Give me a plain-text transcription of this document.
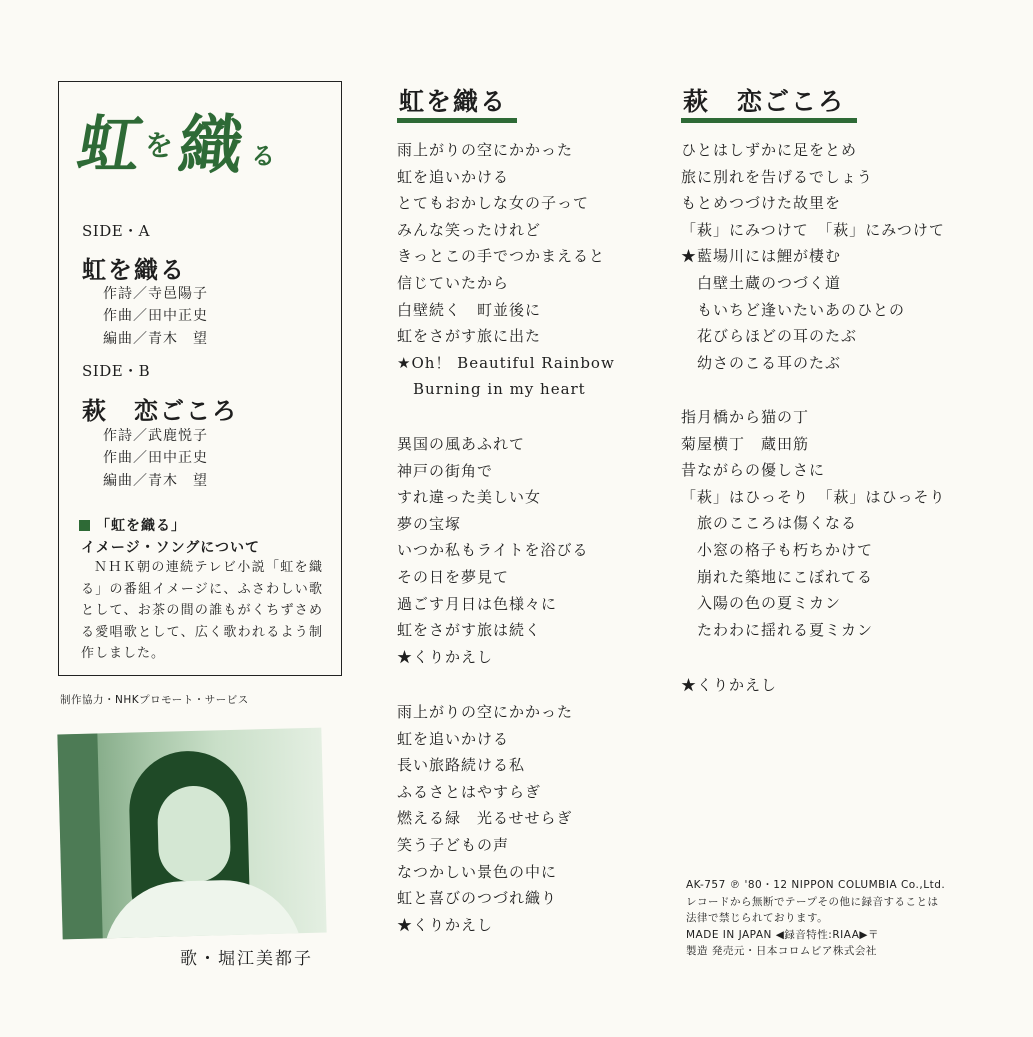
虹
を 織 る
SIDE・A
虹を織る
作詩／寺邑陽子
作曲／田中正史
編曲／青木　望
SIDE・B
萩　恋ごころ
作詩／武鹿悦子
作曲／田中正史
編曲／青木　望
「虹を織る」
イメージ・ソングについて
ＮＨＫ朝の連続テレビ小説「虹を織る」の番組イメージに、ふさわしい歌として、お茶の間の誰もがくちずさめる愛唱歌として、広く歌われるよう制作しました。
制作協力・NHKプロモート・サービス
歌・堀江美都子
虹を織る
雨上がりの空にかかった
虹を追いかける
とてもおかしな女の子って
みんな笑ったけれど
きっとこの手でつかまえると
信じていたから
白壁続く　町並後に
虹をさがす旅に出た
★Oh！ Beautiful Rainbow
Burning in my heart
異国の風あふれて
神戸の街角で
すれ違った美しい女
夢の宝塚
いつか私もライトを浴びる
その日を夢見て
過ごす月日は色様々に
虹をさがす旅は続く
★くりかえし
雨上がりの空にかかった
虹を追いかける
長い旅路続ける私
ふるさとはやすらぎ
燃える緑　光るせせらぎ
笑う子どもの声
なつかしい景色の中に
虹と喜びのつづれ織り
★くりかえし
萩　恋ごころ
ひとはしずかに足をとめ
旅に別れを告げるでしょう
もとめつづけた故里を
「萩」にみつけて　「萩」にみつけて
★藍場川には鯉が棲む
白壁土蔵のつづく道
もいちど逢いたいあのひとの
花びらほどの耳のたぶ
幼さのこる耳のたぶ
指月橋から猫の丁
菊屋横丁　蔵田筋
昔ながらの優しさに
「萩」はひっそり　「萩」はひっそり
旅のこころは傷くなる
小窓の格子も朽ちかけて
崩れた築地にこぼれてる
入陽の色の夏ミカン
たわわに揺れる夏ミカン
★くりかえし
AK-757 ℗ '80・12 NIPPON COLUMBIA Co.,Ltd.
レコードから無断でテープその他に録音することは
法律で禁じられております。
MADE IN JAPAN ◀録音特性:RIAA▶〒
製造 発売元・日本コロムビア株式会社
